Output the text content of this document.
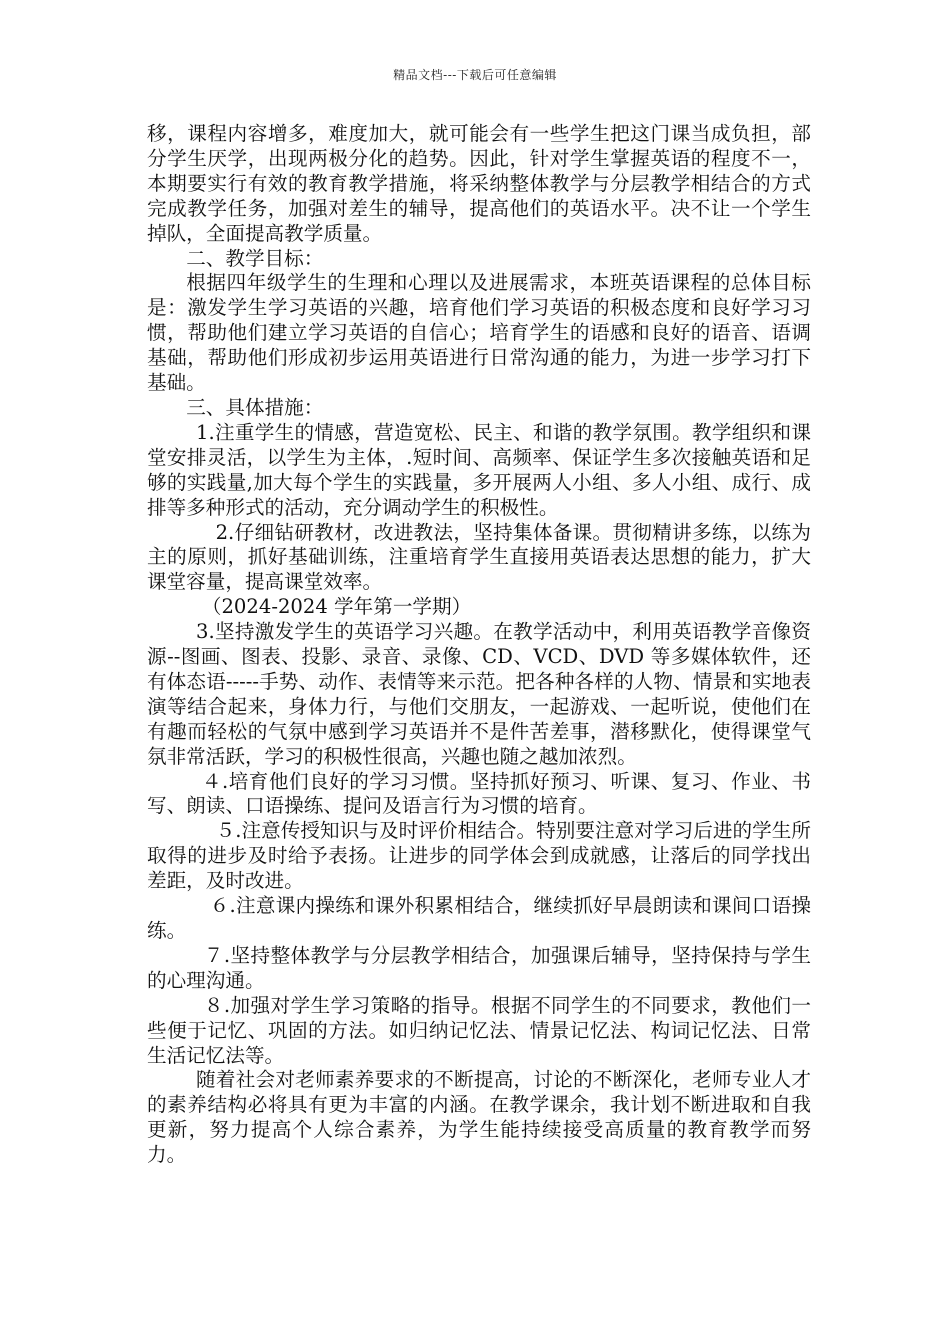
精品文档---下载后可任意编辑

移，课程内容增多，难度加大，就可能会有一些学生把这门课当成负担，部分学生厌学，出现两极分化的趋势。因此，针对学生掌握英语的程度不一，本期要实行有效的教育教学措施，将采纳整体教学与分层教学相结合的方式完成教学任务，加强对差生的辅导，提高他们的英语水平。决不让一个学生掉队，全面提高教学质量。

二、教学目标：

根据四年级学生的生理和心理以及进展需求，本班英语课程的总体目标是：激发学生学习英语的兴趣，培育他们学习英语的积极态度和良好学习习惯，帮助他们建立学习英语的自信心；培育学生的语感和良好的语音、语调基础，帮助他们形成初步运用英语进行日常沟通的能力，为进一步学习打下基础。

三、具体措施：

1.注重学生的情感，营造宽松、民主、和谐的教学氛围。教学组织和课堂安排灵活，以学生为主体，.短时间、高频率、保证学生多次接触英语和足够的实践量,加大每个学生的实践量，多开展两人小组、多人小组、成行、成排等多种形式的活动，充分调动学生的积极性。

2.仔细钻研教材，改进教法，坚持集体备课。贯彻精讲多练，以练为主的原则，抓好基础训练，注重培育学生直接用英语表达思想的能力，扩大课堂容量，提高课堂效率。

（2024-2024 学年第一学期）

3.坚持激发学生的英语学习兴趣。在教学活动中，利用英语教学音像资源--图画、图表、投影、录音、录像、CD、VCD、DVD 等多媒体软件，还有体态语-----手势、动作、表情等来示范。把各种各样的人物、情景和实地表演等结合起来，身体力行，与他们交朋友，一起游戏、一起听说，使他们在有趣而轻松的气氛中感到学习英语并不是件苦差事，潜移默化，使得课堂气氛非常活跃，学习的积极性很高，兴趣也随之越加浓烈。

４.培育他们良好的学习习惯。坚持抓好预习、听课、复习、作业、书写、朗读、口语操练、提问及语言行为习惯的培育。

５.注意传授知识与及时评价相结合。特别要注意对学习后进的学生所取得的进步及时给予表扬。让进步的同学体会到成就感，让落后的同学找出差距，及时改进。

６.注意课内操练和课外积累相结合，继续抓好早晨朗读和课间口语操练。

７.坚持整体教学与分层教学相结合，加强课后辅导，坚持保持与学生的心理沟通。

８.加强对学生学习策略的指导。根据不同学生的不同要求，教他们一些便于记忆、巩固的方法。如归纳记忆法、情景记忆法、构词记忆法、日常生活记忆法等。

随着社会对老师素养要求的不断提高，讨论的不断深化，老师专业人才的素养结构必将具有更为丰富的内涵。在教学课余，我计划不断进取和自我更新，努力提高个人综合素养，为学生能持续接受高质量的教育教学而努力。
